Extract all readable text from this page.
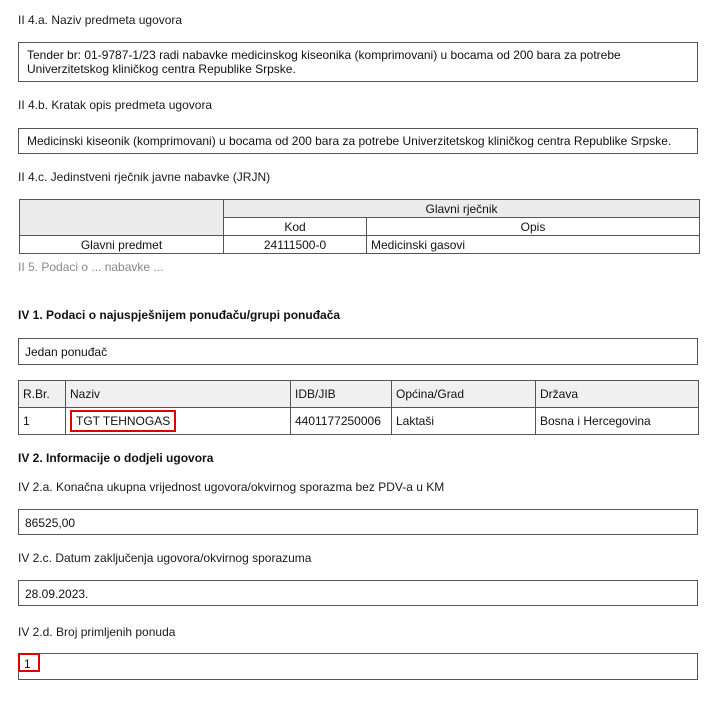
II 4.a. Naziv predmeta ugovora
Tender br: 01-9787-1/23 radi nabavke medicinskog kiseonika (komprimovani) u bocama od 200 bara za potrebe Univerzitetskog kliničkog centra Republike Srpske.
II 4.b. Kratak opis predmeta ugovora
Medicinski kiseonik (komprimovani) u bocama od 200 bara za potrebe Univerzitetskog kliničkog centra Republike Srpske.
II 4.c. Jedinstveni rječnik javne nabavke (JRJN)
	Glavni rječnik	
	Kod	Opis
Glavni predmet	24111500-0	Medicinski gasovi
II 5. Podaci o ... nabavke ...
IV 1. Podaci o najuspješnijem ponuđaču/grupi ponuđača
Jedan ponuđač
R.Br.	Naziv	IDB/JIB	Općina/Grad	Država
1	TGT TEHNOGAS	4401177250006	Laktaši	Bosna i Hercegovina
IV 2. Informacije o dodjeli ugovora
IV 2.a. Konačna ukupna vrijednost ugovora/okvirnog sporazma bez PDV-a u KM
86525,00
IV 2.c. Datum zaključenja ugovora/okvirnog sporazuma
28.09.2023.
IV 2.d. Broj primljenih ponuda
1
